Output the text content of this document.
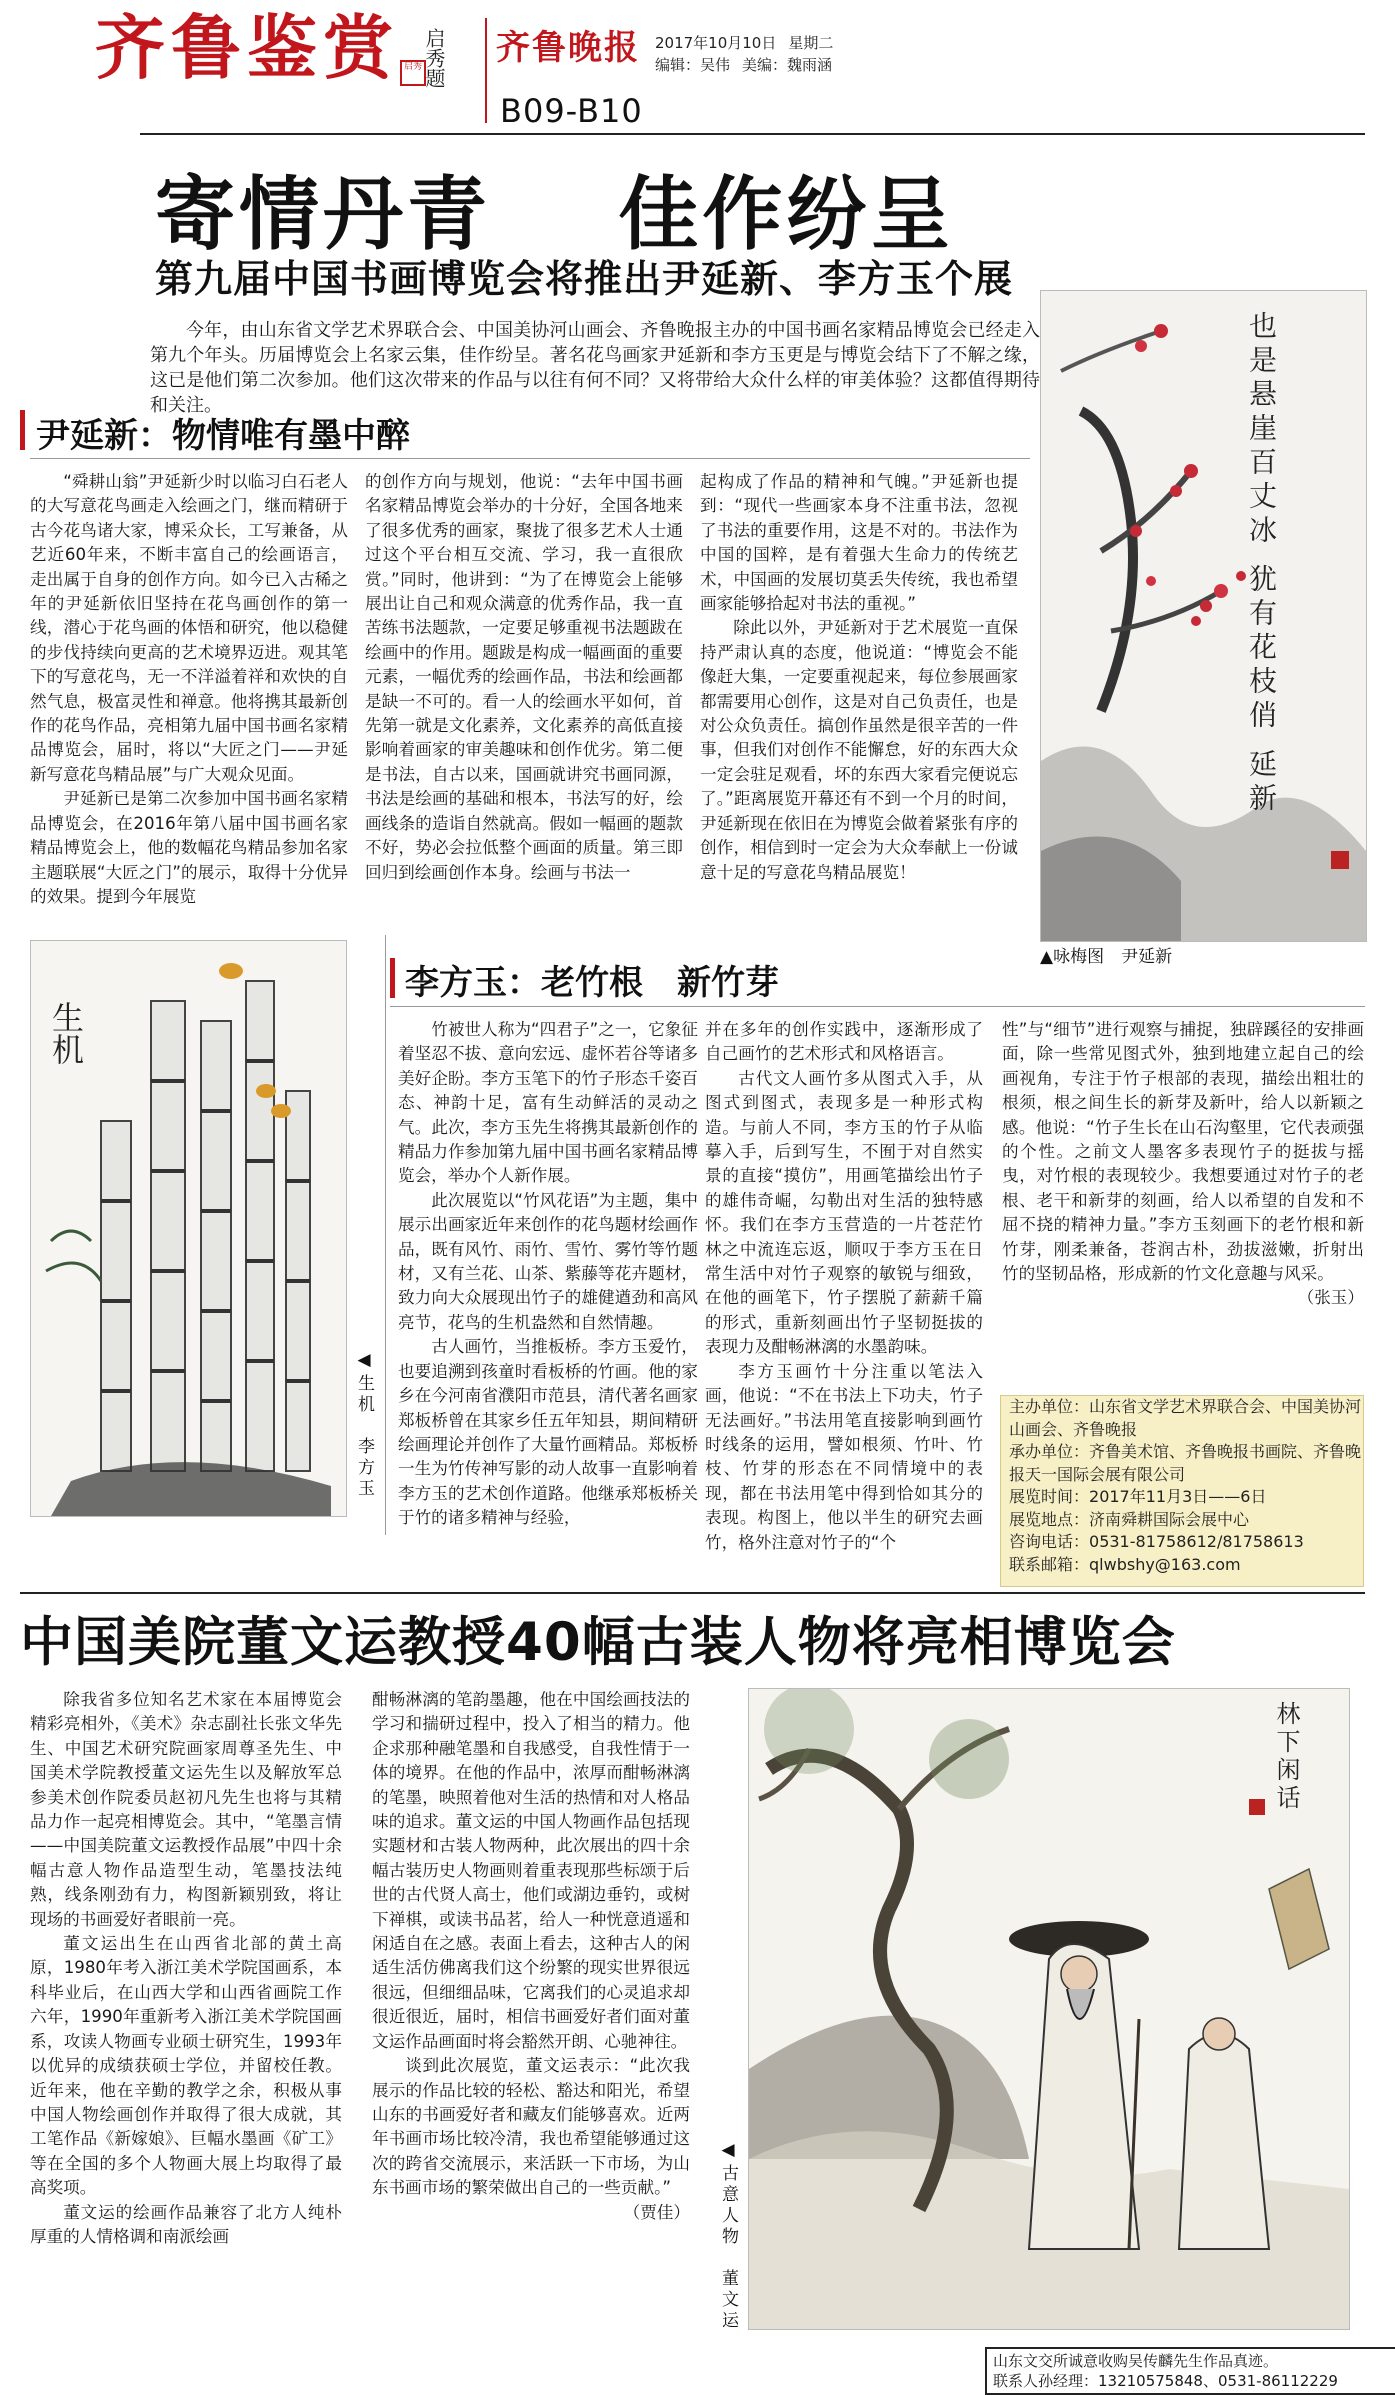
齐鲁鉴赏	启秀题
启秀 齐鲁晚报 2017年10月10日 星期二
编辑：吴伟 美编：魏雨涵
B09-B10
寄情丹青    佳作纷呈
第九届中国书画博览会将推出尹延新、李方玉个展
今年，由山东省文学艺术界联合会、中国美协河山画会、齐鲁晚报主办的中国书画名家精品博览会已经走入第九个年头。历届博览会上名家云集，佳作纷呈。著名花鸟画家尹延新和李方玉更是与博览会结下了不解之缘，这已是他们第二次参加。他们这次带来的作品与以往有何不同？又将带给大众什么样的审美体验？这都值得期待和关注。
尹延新：物情唯有墨中醉

“舜耕山翁”尹延新少时以临习白石老人的大写意花鸟画走入绘画之门，继而精研于古今花鸟诸大家，博采众长，工写兼备，从艺近60年来，不断丰富自己的绘画语言，走出属于自身的创作方向。如今已入古稀之年的尹延新依旧坚持在花鸟画创作的第一线，潜心于花鸟画的体悟和研究，他以稳健的步伐持续向更高的艺术境界迈进。观其笔下的写意花鸟，无一不洋溢着祥和欢快的自然气息，极富灵性和禅意。他将携其最新创作的花鸟作品，亮相第九届中国书画名家精品博览会，届时，将以“大匠之门——尹延新写意花鸟精品展”与广大观众见面。

尹延新已是第二次参加中国书画名家精品博览会，在2016年第八届中国书画名家精品博览会上，他的数幅花鸟精品参加名家主题联展“大匠之门”的展示，取得十分优异的效果。提到今年展览

的创作方向与规划，他说：“去年中国书画名家精品博览会举办的十分好，全国各地来了很多优秀的画家，聚拢了很多艺术人士通过这个平台相互交流、学习，我一直很欣赏。”同时，他讲到：“为了在博览会上能够展出让自己和观众满意的优秀作品，我一直苦练书法题款，一定要足够重视书法题跋在绘画中的作用。题跋是构成一幅画面的重要元素，一幅优秀的绘画作品，书法和绘画都是缺一不可的。看一人的绘画水平如何，首先第一就是文化素养，文化素养的高低直接影响着画家的审美趣味和创作优劣。第二便是书法，自古以来，国画就讲究书画同源，书法是绘画的基础和根本，书法写的好，绘画线条的造诣自然就高。假如一幅画的题款不好，势必会拉低整个画面的质量。第三即回归到绘画创作本身。绘画与书法一

起构成了作品的精神和气魄。”尹延新也提到：“现代一些画家本身不注重书法，忽视了书法的重要作用，这是不对的。书法作为中国的国粹，是有着强大生命力的传统艺术，中国画的发展切莫丢失传统，我也希望画家能够拾起对书法的重视。”

除此以外，尹延新对于艺术展览一直保持严肃认真的态度，他说道：“博览会不能像赶大集，一定要重视起来，每位参展画家都需要用心创作，这是对自己负责任，也是对公众负责任。搞创作虽然是很辛苦的一件事，但我们对创作不能懈怠，好的东西大众一定会驻足观看，坏的东西大家看完便说忘了。”距离展览开幕还有不到一个月的时间，尹延新现在依旧在为博览会做着紧张有序的创作，相信到时一定会为大众奉献上一份诚意十足的写意花鸟精品展览！

也是悬崖百丈冰 犹有花枝俏 延新
▲咏梅图　尹延新
李方玉：老竹根　新竹芽
生机
◀生机　李方玉

竹被世人称为“四君子”之一，它象征着坚忍不拔、意向宏远、虚怀若谷等诸多美好企盼。李方玉笔下的竹子形态千姿百态、神韵十足，富有生动鲜活的灵动之气。此次，李方玉先生将携其最新创作的精品力作参加第九届中国书画名家精品博览会，举办个人新作展。

此次展览以“竹风花语”为主题，集中展示出画家近年来创作的花鸟题材绘画作品，既有风竹、雨竹、雪竹、雾竹等竹题材，又有兰花、山茶、紫藤等花卉题材，致力向大众展现出竹子的雄健遒劲和高风亮节，花鸟的生机盎然和自然情趣。

古人画竹，当推板桥。李方玉爱竹，也要追溯到孩童时看板桥的竹画。他的家乡在今河南省濮阳市范县，清代著名画家郑板桥曾在其家乡任五年知县，期间精研绘画理论并创作了大量竹画精品。郑板桥一生为竹传神写影的动人故事一直影响着李方玉的艺术创作道路。他继承郑板桥关于竹的诸多精神与经验，

并在多年的创作实践中，逐渐形成了自己画竹的艺术形式和风格语言。

古代文人画竹多从图式入手，从图式到图式，表现多是一种形式构造。与前人不同，李方玉的竹子从临摹入手，后到写生，不囿于对自然实景的直接“摸仿”，用画笔描绘出竹子的雄伟奇崛，勾勒出对生活的独特感怀。我们在李方玉营造的一片苍茫竹林之中流连忘返，顺叹于李方玉在日常生活中对竹子观察的敏锐与细致，在他的画笔下，竹子摆脱了薪薪千篇的形式，重新刻画出竹子坚韧挺拔的表现力及酣畅淋漓的水墨韵味。

李方玉画竹十分注重以笔法入画，他说：“不在书法上下功夫，竹子无法画好。”书法用笔直接影响到画竹时线条的运用，譬如根须、竹叶、竹枝、竹芽的形态在不同情境中的表现，都在书法用笔中得到恰如其分的表现。构图上，他以半生的研究去画竹，格外注意对竹子的“个

性”与“细节”进行观察与捕捉，独辟蹊径的安排画面，除一些常见图式外，独到地建立起自己的绘画视角，专注于竹子根部的表现，描绘出粗壮的根须，根之间生长的新芽及新叶，给人以新颖之感。他说：“竹子生长在山石沟壑里，它代表顽强的个性。之前文人墨客多表现竹子的挺拔与摇曳，对竹根的表现较少。我想要通过对竹子的老根、老干和新芽的刻画，给人以希望的自发和不屈不挠的精神力量。”李方玉刻画下的老竹根和新竹芽，刚柔兼备，苍润古朴，劲拔滋嫩，折射出竹的坚韧品格，形成新的竹文化意趣与风采。

（张玉）
主办单位：山东省文学艺术界联合会、中国美协河山画会、齐鲁晚报
承办单位：齐鲁美术馆、齐鲁晚报书画院、齐鲁晚报天一国际会展有限公司
展览时间：2017年11月3日——6日
展览地点：济南舜耕国际会展中心
咨询电话：0531-81758612/81758613
联系邮箱：qlwbshy@163.com
中国美院董文运教授40幅古装人物将亮相博览会

除我省多位知名艺术家在本届博览会精彩亮相外，《美术》杂志副社长张文华先生、中国艺术研究院画家周尊圣先生、中国美术学院教授董文运先生以及解放军总参美术创作院委员赵初凡先生也将与其精品力作一起亮相博览会。其中，“笔墨言情——中国美院董文运教授作品展”中四十余幅古意人物作品造型生动，笔墨技法纯熟，线条刚劲有力，构图新颖别致，将让现场的书画爱好者眼前一亮。

董文运出生在山西省北部的黄土高原，1980年考入浙江美术学院国画系，本科毕业后，在山西大学和山西省画院工作六年，1990年重新考入浙江美术学院国画系，攻读人物画专业硕士研究生，1993年以优异的成绩获硕士学位，并留校任教。近年来，他在辛勤的教学之余，积极从事中国人物绘画创作并取得了很大成就，其工笔作品《新嫁娘》、巨幅水墨画《矿工》等在全国的多个人物画大展上均取得了最高奖项。

董文运的绘画作品兼容了北方人纯朴厚重的人情格调和南派绘画

酣畅淋漓的笔韵墨趣，他在中国绘画技法的学习和揣研过程中，投入了相当的精力。他企求那种融笔墨和自我感受，自我性情于一体的境界。在他的作品中，浓厚而酣畅淋漓的笔墨，映照着他对生活的热情和对人格品味的追求。董文运的中国人物画作品包括现实题材和古装人物两种，此次展出的四十余幅古装历史人物画则着重表现那些标颂于后世的古代贤人高士，他们或湖边垂钓，或树下禅棋，或读书品茗，给人一种恍意逍遥和闲适自在之感。表面上看去，这种古人的闲适生活仿佛离我们这个纷繁的现实世界很远很远，但细细品味，它离我们的心灵追求却很近很近，届时，相信书画爱好者们面对董文运作品画面时将会豁然开朗、心驰神往。

谈到此次展览，董文运表示：“此次我展示的作品比较的轻松、豁达和阳光，希望山东的书画爱好者和藏友们能够喜欢。近两年书画市场比较冷清，我也希望能够通过这次的跨省交流展示，来活跃一下市场，为山东书画市场的繁荣做出自己的一些贡献。”

（贾佳）
林下闲话
◀古意人物　董文运
山东文交所诚意收购吴传麟先生作品真迹。
联系人孙经理：13210575848、0531-86112229
